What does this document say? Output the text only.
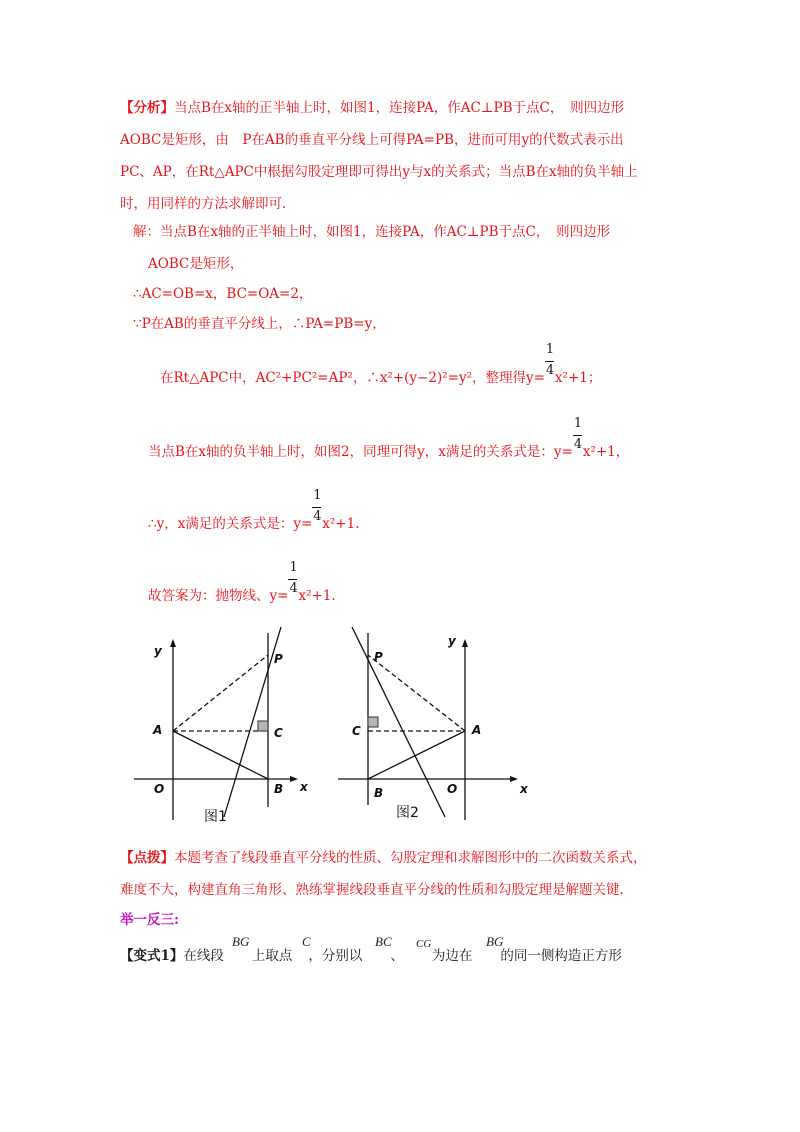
【分析】当点B在x轴的正半轴上时，如图1，连接PA，作AC⊥PB于点C，　则四边形
AOBC是矩形，由　P在AB的垂直平分线上可得PA=PB，进而可用y的代数式表示出
PC、AP，在Rt△APC中根据勾股定理即可得出y与x的关系式；当点B在x轴的负半轴上
时，用同样的方法求解即可.
解：当点B在x轴的正半轴上时，如图1，连接PA，作AC⊥PB于点C，　则四边形
AOBC是矩形，
∴AC=OB=x，BC=OA=2，
∵P在AB的垂直平分线上，∴PA=PB=y，
在Rt△APC中，AC²+PC²=AP²，∴x²+(y−2)²=y²，整理得$y= \frac{1}{4} x^2+1$；
当点B在x轴的负半轴上时，如图2，同理可得y，x满足的关系式是：$y= \frac{1}{4} x^2+1$，
∴y，x满足的关系式是：$y= \frac{1}{4} x^2+1$.
故答案为：抛物线、$y= \frac{1}{4} x^2+1$.
y
x
A
O	B
C
P
图1
y
x
A
O
B
C
P
图2
【点拨】本题考查了线段垂直平分线的性质、勾股定理和求解图形中的二次函数关系式，
难度不大，构建直角三角形、熟练掌握线段垂直平分线的性质和勾股定理是解题关键.
举一反三:
【变式1】在线段 上取点 ，分别以 、 为边在 的同一侧构造正方形
BG	C	BC CG	BG
